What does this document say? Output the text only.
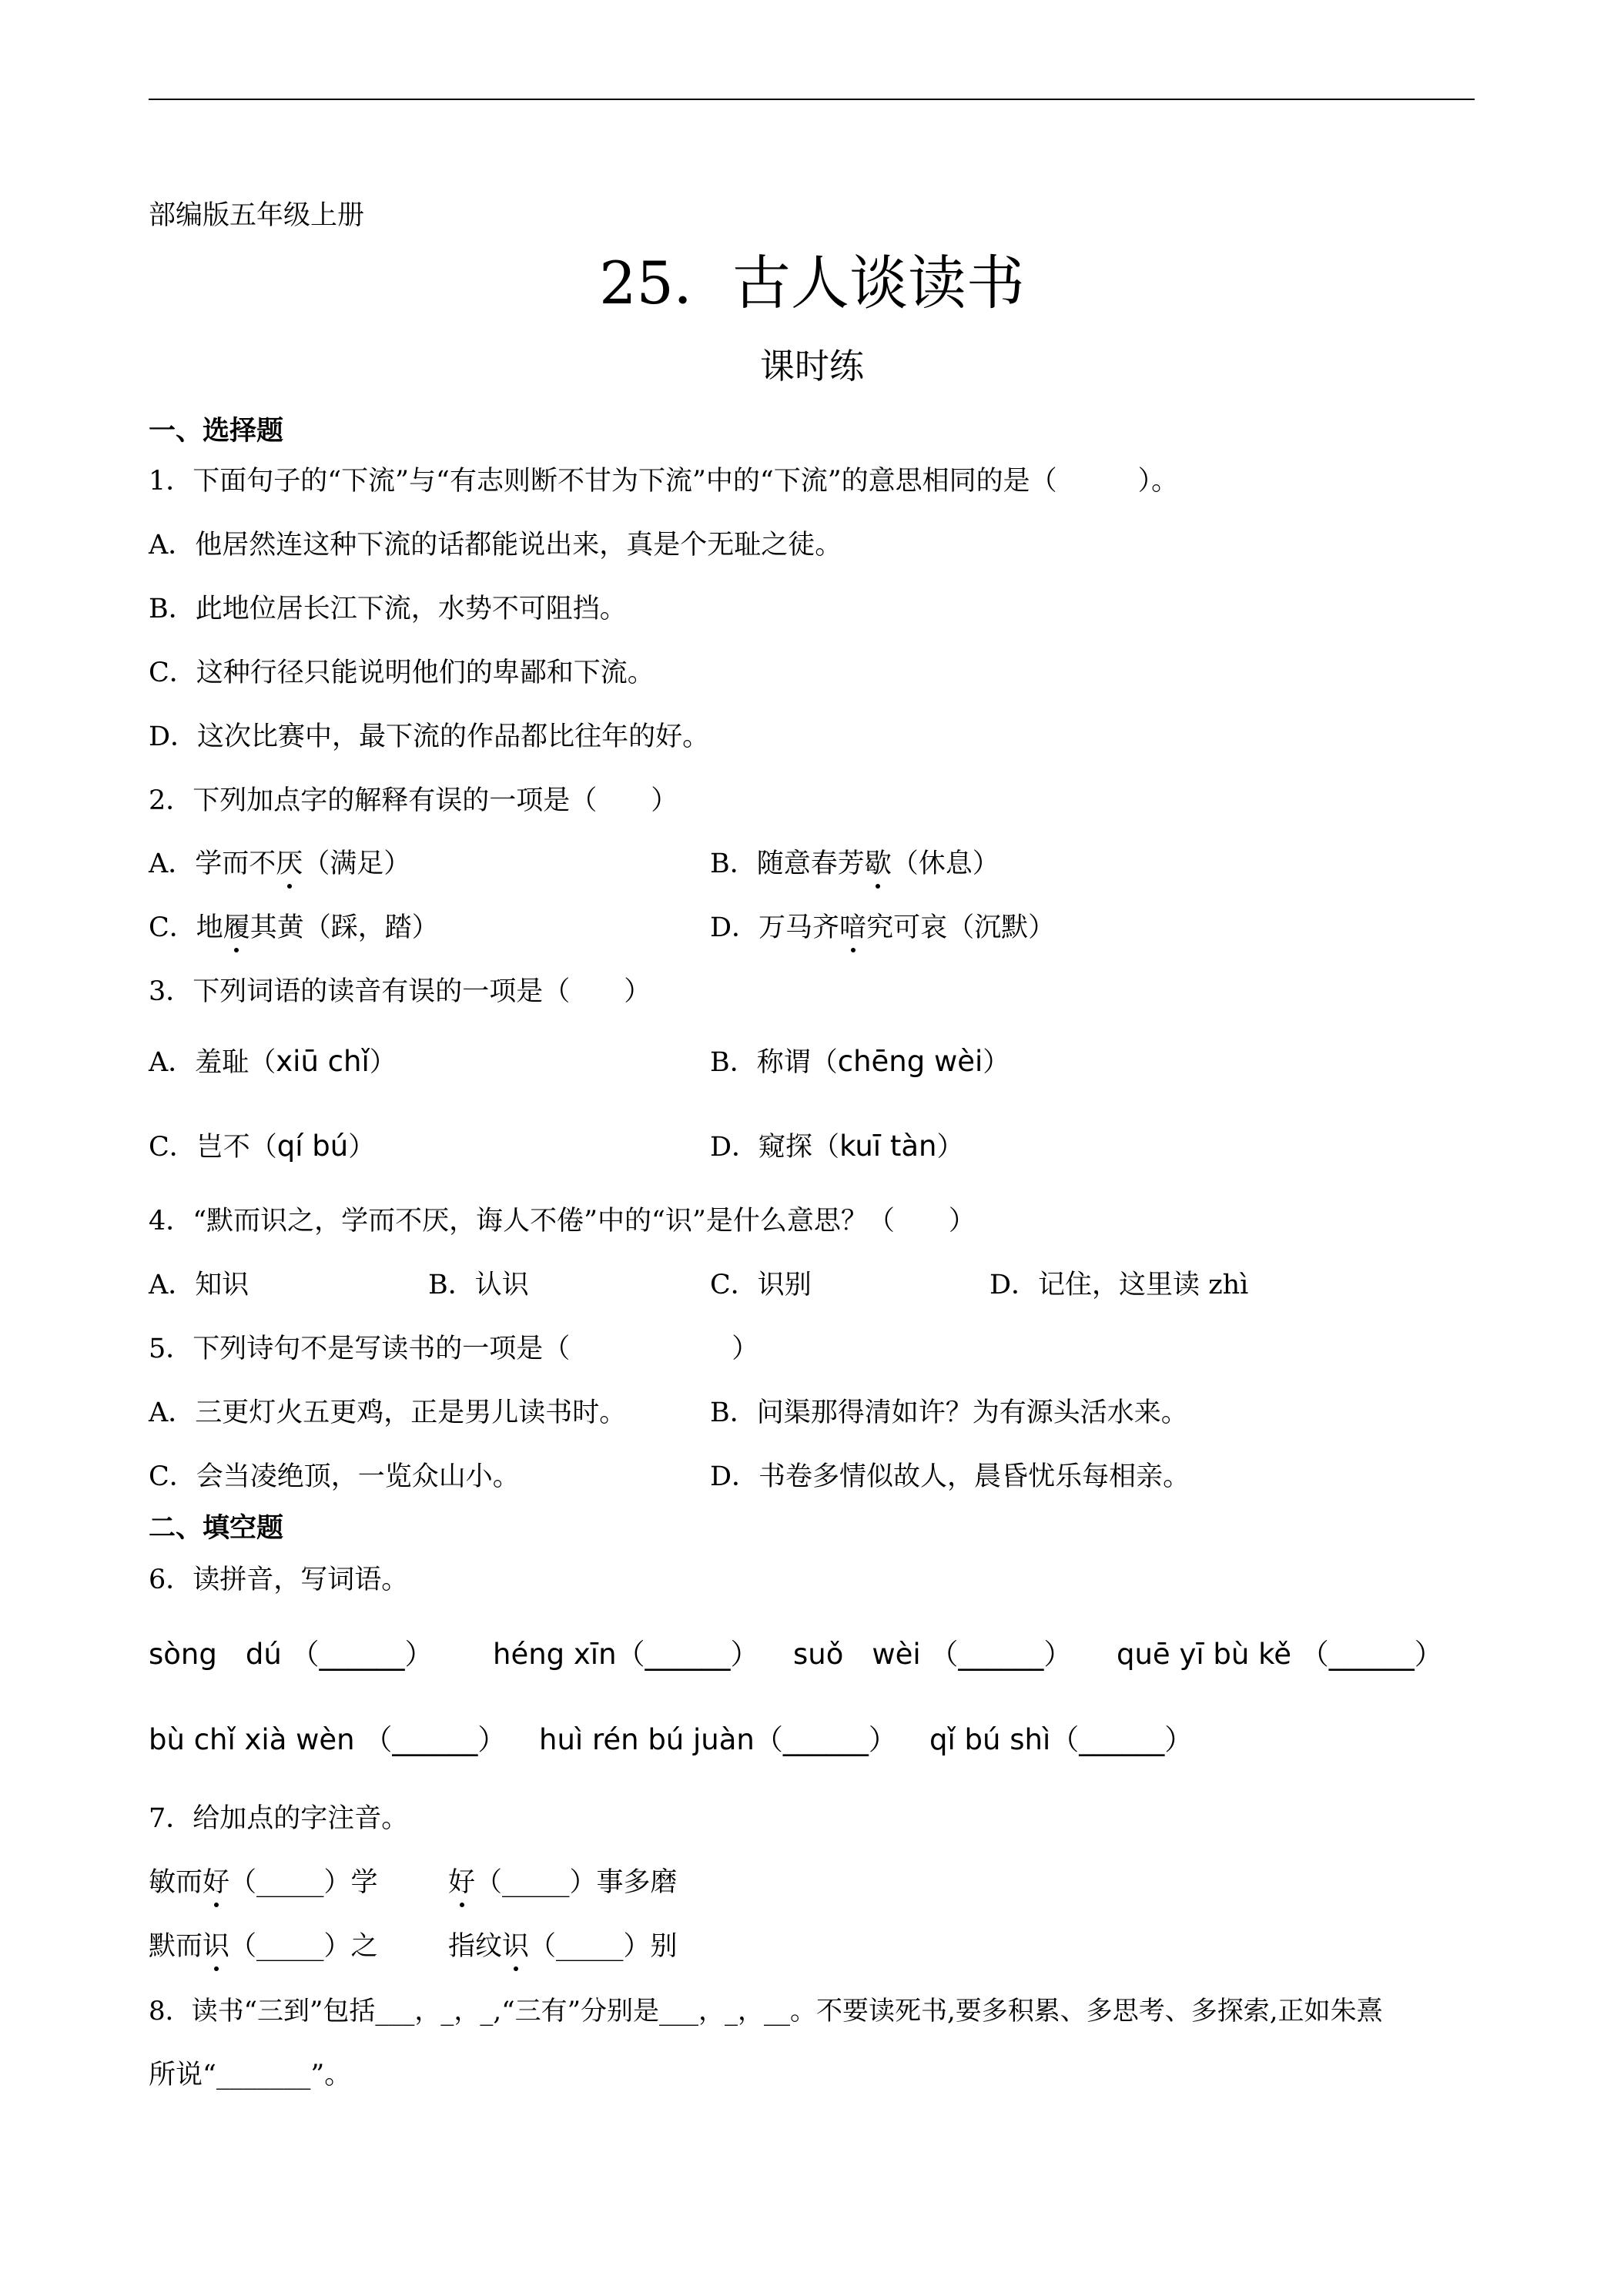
部编版五年级上册
25．古人谈读书
课时练
一、选择题
1．下面句子的“下流”与“有志则断不甘为下流”中的“下流”的意思相同的是（　　　）。
A．他居然连这种下流的话都能说出来，真是个无耻之徒。
B．此地位居长江下流，水势不可阻挡。
C．这种行径只能说明他们的卑鄙和下流。
D．这次比赛中，最下流的作品都比往年的好。
2．下列加点字的解释有误的一项是（　　）
A．学而不厌（满足）	B．随意春芳歇（休息）
C．地履其黄（踩，踏）	D．万马齐喑究可哀（沉默）
3．下列词语的读音有误的一项是（　　）
A．羞耻（xiū chǐ）	B．称谓（chēng wèi）
C．岂不（qí bú）	D．窥探（kuī tàn）
4．“默而识之，学而不厌，诲人不倦”中的“识”是什么意思？（　　）
A．知识	B．认识	C．识别	D．记住，这里读 zhì
5．下列诗句不是写读书的一项是（　　　　　　）
A．三更灯火五更鸡，正是男儿读书时。	B．问渠那得清如许？为有源头活水来。
C．会当凌绝顶，一览众山小。	D．书卷多情似故人，晨昏忧乐每相亲。
二、填空题
6．读拼音，写词语。
sòng　dú （______） héng xīn（______） suǒ　wèi （______） quē yī bù kě （______）
bù chǐ xià wèn （______） huì rén bú juàn（______） qǐ bú shì（______）
7．给加点的字注音。
敏而好（_____）学	好（_____）事多磨
默而识（_____）之	指纹识（_____）别
8．读书“三到”包括___，_，_,“三有”分别是___，_，__。不要读死书,要多积累、多思考、多探索,正如朱熹
所说“_______”。
